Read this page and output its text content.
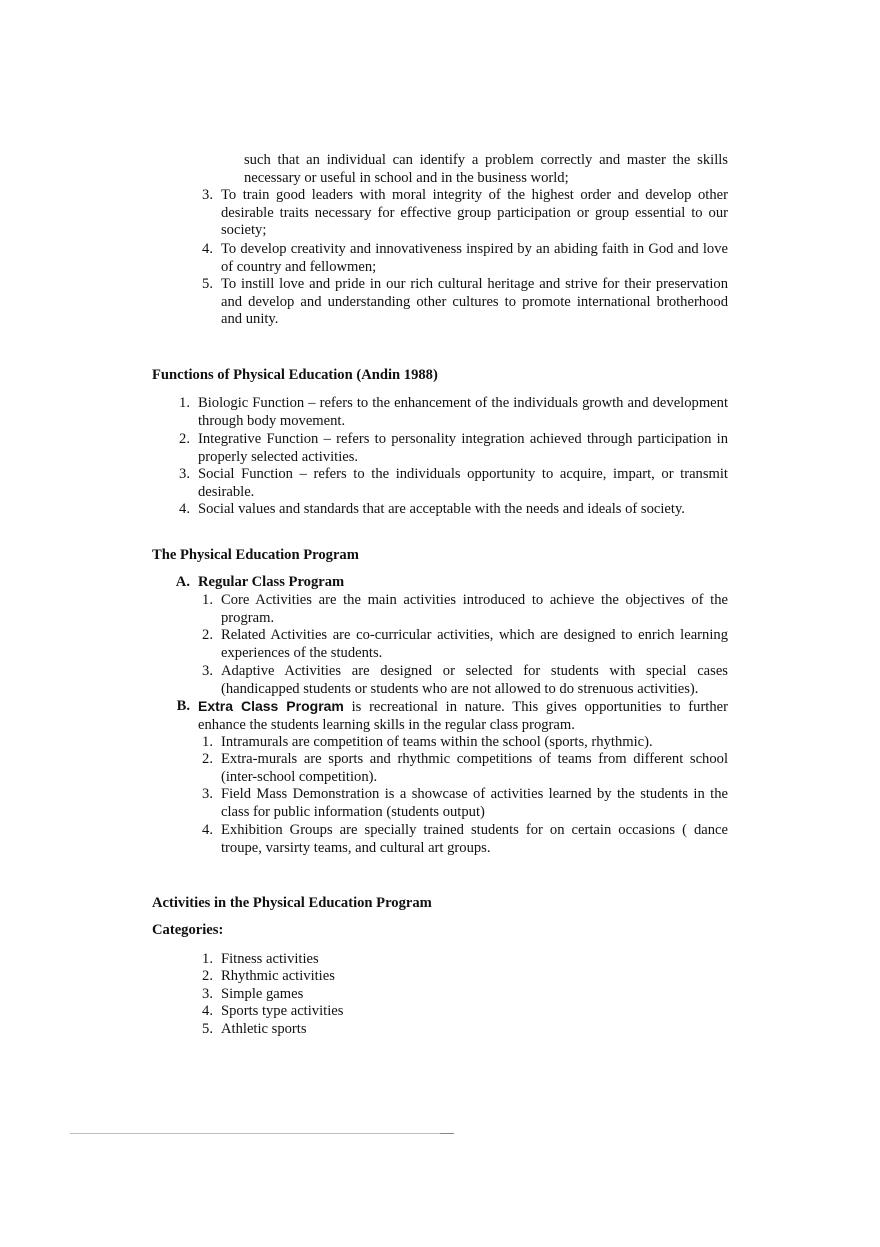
such that an individual can identify a problem correctly and master the skills necessary or useful in school and in the business world;
3. To train good leaders with moral integrity of the highest order and develop other desirable traits necessary for effective group participation or group essential to our society;
4. To develop creativity and innovativeness inspired by an abiding faith in God and love of country and fellowmen;
5. To instill love and pride in our rich cultural heritage and strive for their preservation and develop and understanding other cultures to promote international brotherhood and unity.
Functions of Physical Education (Andin 1988)
1. Biologic Function – refers to the enhancement of the individuals growth and development through body movement.
2. Integrative Function – refers to personality integration achieved through participation in properly selected activities.
3. Social Function – refers to the individuals opportunity to acquire, impart, or transmit desirable.
4. Social values and standards that are acceptable with the needs and ideals of society.
The Physical Education Program
A. Regular Class Program
1. Core Activities are the main activities introduced to achieve the objectives of the program.
2. Related Activities are co-curricular activities, which are designed to enrich learning experiences of the students.
3. Adaptive Activities are designed or selected for students with special cases (handicapped students or students who are not allowed to do strenuous activities).
B. Extra Class Program is recreational in nature. This gives opportunities to further enhance the students learning skills in the regular class program.
1. Intramurals are competition of teams within the school (sports, rhythmic).
2. Extra-murals are sports and rhythmic competitions of teams from different school (inter-school competition).
3. Field Mass Demonstration is a showcase of activities learned by the students in the class for public information (students output)
4. Exhibition Groups are specially trained students for on certain occasions ( dance troupe, varsirty teams, and cultural art groups.
Activities in the Physical Education Program
Categories:
1. Fitness activities
2. Rhythmic activities
3. Simple games
4. Sports type activities
5. Athletic sports
